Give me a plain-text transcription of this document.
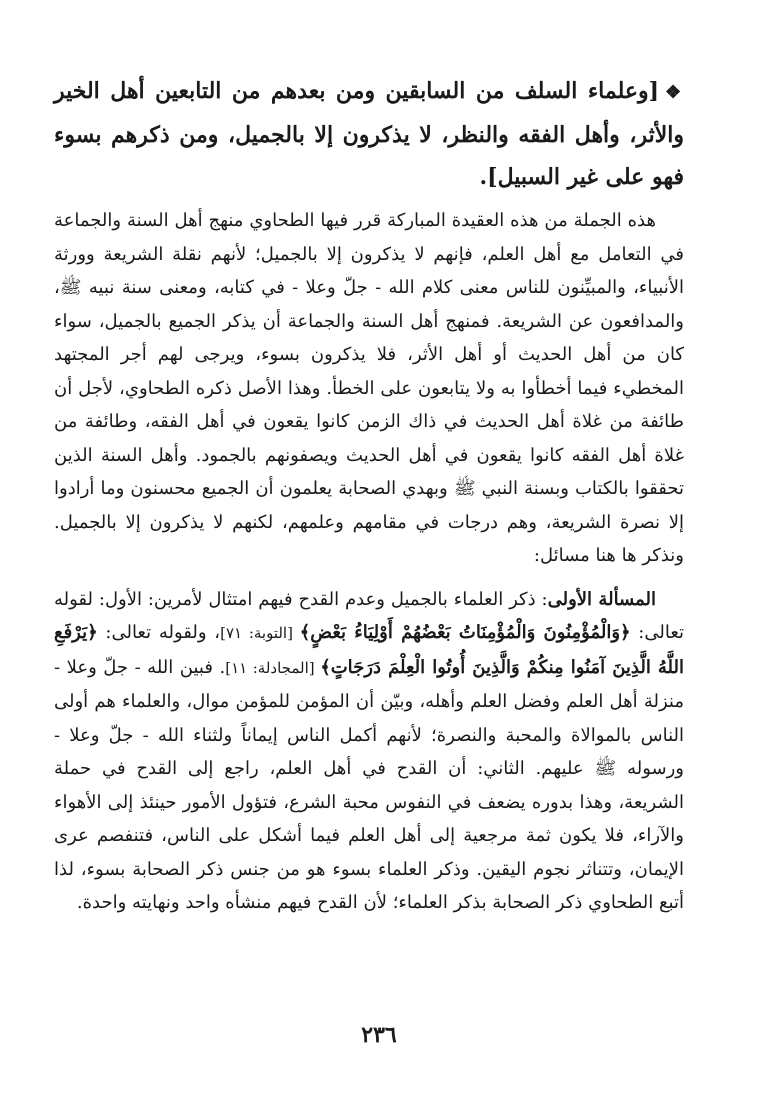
❖[وعلماء السلف من السابقين ومن بعدهم من التابعين أهل الخير والأثر، وأهل الفقه والنظر، لا يذكرون إلا بالجميل، ومن ذكرهم بسوء فهو على غير السبيل].

هذه الجملة من هذه العقيدة المباركة قرر فيها الطحاوي منهج أهل السنة والجماعة في التعامل مع أهل العلم، فإنهم لا يذكرون إلا بالجميل؛ لأنهم نقلة الشريعة وورثة الأنبياء، والمبيِّنون للناس معنى كلام الله - جلّ وعلا - في كتابه، ومعنى سنة نبيه ﷺ، والمدافعون عن الشريعة. فمنهج أهل السنة والجماعة أن يذكر الجميع بالجميل، سواء كان من أهل الحديث أو أهل الأثر، فلا يذكرون بسوء، ويرجى لهم أجر المجتهد المخطيء فيما أخطأوا به ولا يتابعون على الخطأ. وهذا الأصل ذكره الطحاوي، لأجل أن طائفة من غلاة أهل الحديث في ذاك الزمن كانوا يقعون في أهل الفقه، وطائفة من غلاة أهل الفقه كانوا يقعون في أهل الحديث ويصفونهم بالجمود. وأهل السنة الذين تحققوا بالكتاب وبسنة النبي ﷺ وبهدي الصحابة يعلمون أن الجميع محسنون وما أرادوا إلا نصرة الشريعة، وهم درجات في مقامهم وعلمهم، لكنهم لا يذكرون إلا بالجميل. ونذكر ها هنا مسائل:

المسألة الأولى: ذكر العلماء بالجميل وعدم القدح فيهم امتثال لأمرين: الأول: لقوله تعالى: ﴿وَالْمُؤْمِنُونَ وَالْمُؤْمِنَاتُ بَعْضُهُمْ أَوْلِيَاءُ بَعْضٍ﴾ [التوبة: ٧١]، ولقوله تعالى: ﴿يَرْفَعِ اللَّهُ الَّذِينَ آمَنُوا مِنكُمْ وَالَّذِينَ أُوتُوا الْعِلْمَ دَرَجَاتٍ﴾ [المجادلة: ١١]. فبين الله - جلّ وعلا - منزلة أهل العلم وفضل العلم وأهله، وبيّن أن المؤمن للمؤمن موال، والعلماء هم أولى الناس بالموالاة والمحبة والنصرة؛ لأنهم أكمل الناس إيماناً ولثناء الله - جلّ وعلا - ورسوله ﷺ عليهم. الثاني: أن القدح في أهل العلم، راجع إلى القدح في حملة الشريعة، وهذا بدوره يضعف في النفوس محبة الشرع، فتؤول الأمور حينئذ إلى الأهواء والآراء، فلا يكون ثمة مرجعية إلى أهل العلم فيما أشكل على الناس، فتنفصم عرى الإيمان، وتتناثر نجوم اليقين. وذكر العلماء بسوء هو من جنس ذكر الصحابة بسوء، لذا أتبع الطحاوي ذكر الصحابة بذكر العلماء؛ لأن القدح فيهم منشأه واحد ونهايته واحدة.

٢٣٦
